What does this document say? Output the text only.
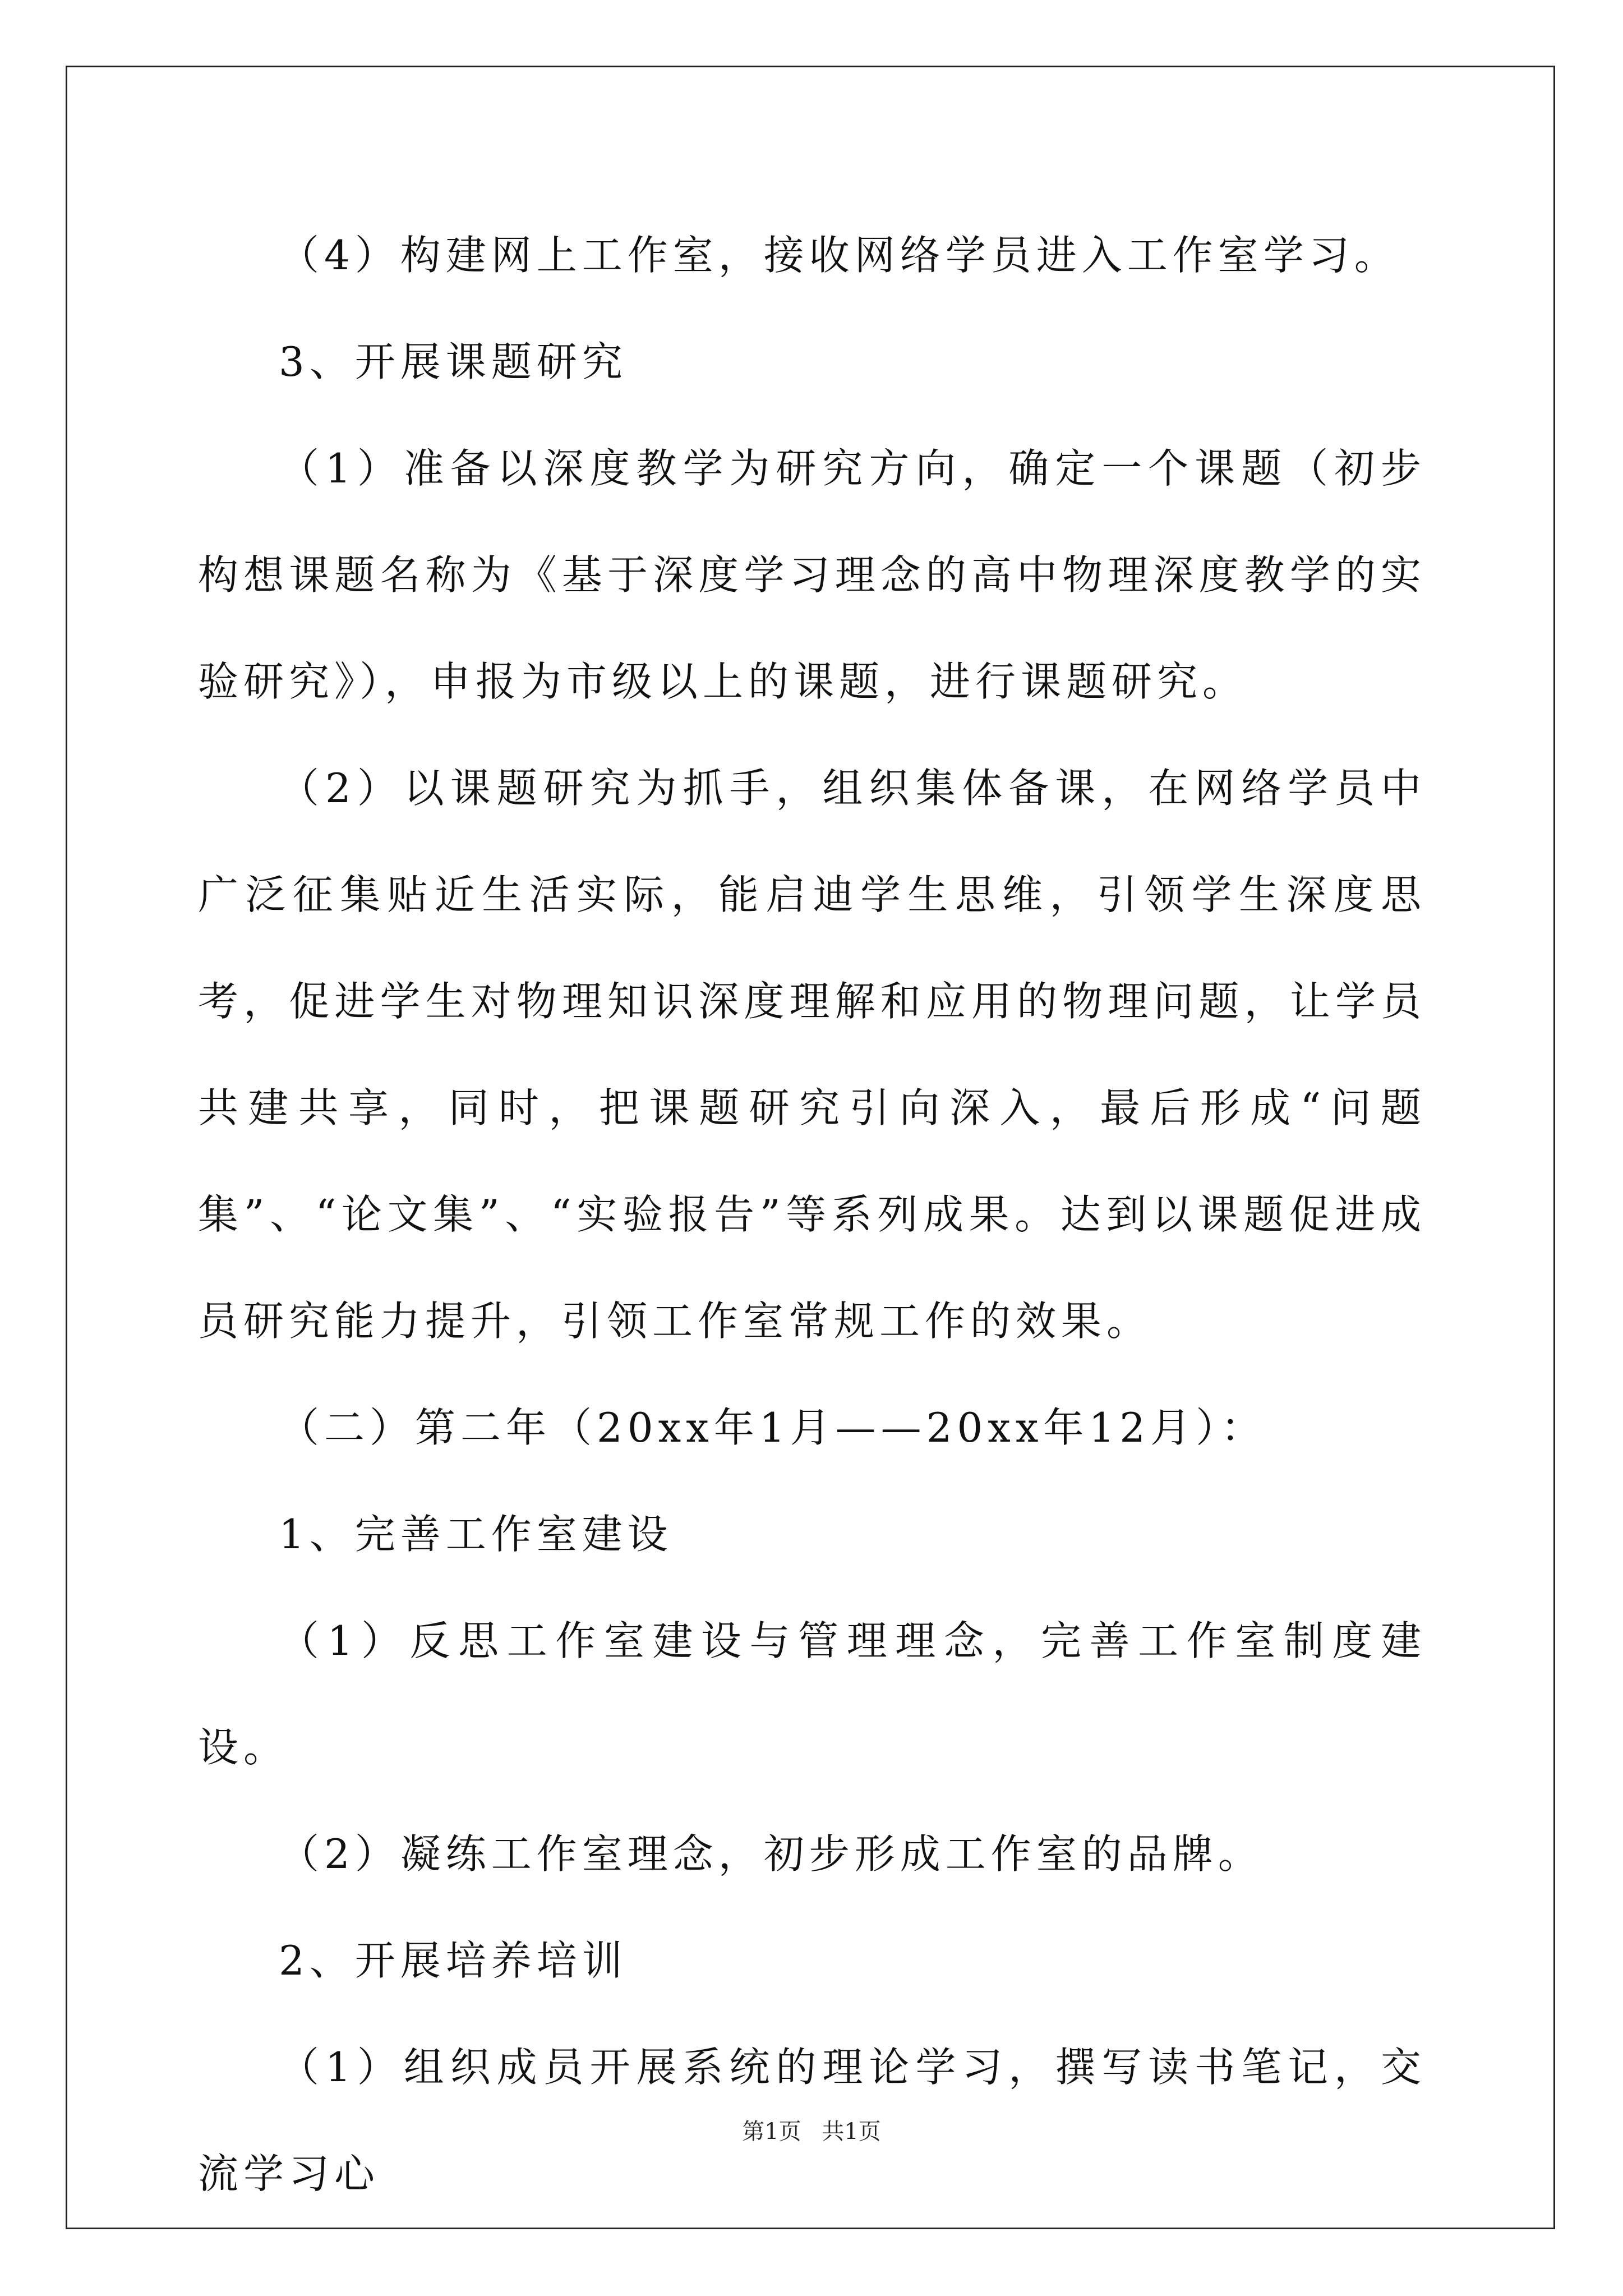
（4）构建网上工作室，接收网络学员进入工作室学习。

3、开展课题研究

（1）准备以深度教学为研究方向，确定一个课题（初步构想课题名称为《基于深度学习理念的高中物理深度教学的实验研究》），申报为市级以上的课题，进行课题研究。

（2）以课题研究为抓手，组织集体备课，在网络学员中广泛征集贴近生活实际，能启迪学生思维，引领学生深度思考，促进学生对物理知识深度理解和应用的物理问题，让学员共建共享，同时，把课题研究引向深入，最后形成“问题集”、“论文集”、“实验报告”等系列成果。达到以课题促进成员研究能力提升，引领工作室常规工作的效果。

（二）第二年（20xx年1月——20xx年12月）：

1、完善工作室建设

（1）反思工作室建设与管理理念，完善工作室制度建设。

（2）凝练工作室理念，初步形成工作室的品牌。

2、开展培养培训

（1）组织成员开展系统的理论学习，撰写读书笔记，交流学习心

第1页 共1页
